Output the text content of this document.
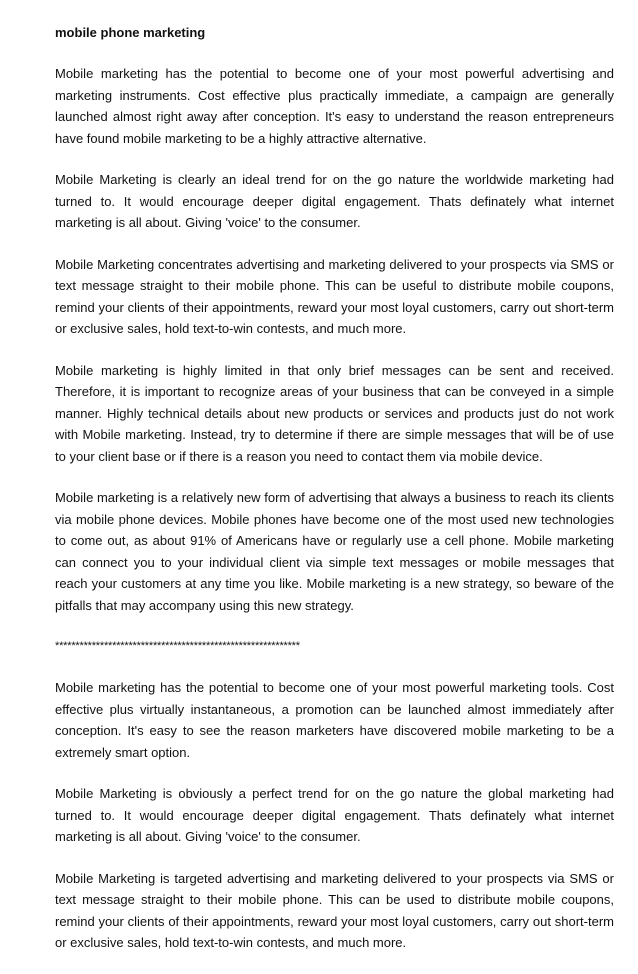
mobile phone marketing

Mobile marketing has the potential to become one of your most powerful advertising and marketing instruments. Cost effective plus practically immediate, a campaign are generally launched almost right away after conception. It's easy to understand the reason entrepreneurs have found mobile marketing to be a highly attractive alternative.

Mobile Marketing is clearly an ideal trend for on the go nature the worldwide marketing had turned to. It would encourage deeper digital engagement. Thats definately what internet marketing is all about. Giving 'voice' to the consumer.

Mobile Marketing concentrates advertising and marketing delivered to your prospects via SMS or text message straight to their mobile phone. This can be useful to distribute mobile coupons, remind your clients of their appointments, reward your most loyal customers, carry out short-term or exclusive sales, hold text-to-win contests, and much more.

Mobile marketing is highly limited in that only brief messages can be sent and received. Therefore, it is important to recognize areas of your business that can be conveyed in a simple manner. Highly technical details about new products or services and products just do not work with Mobile marketing. Instead, try to determine if there are simple messages that will be of use to your client base or if there is a reason you need to contact them via mobile device.

Mobile marketing is a relatively new form of advertising that always a business to reach its clients via mobile phone devices. Mobile phones have become one of the most used new technologies to come out, as about 91% of Americans have or regularly use a cell phone. Mobile marketing can connect you to your individual client via simple text messages or mobile messages that reach your customers at any time you like. Mobile marketing is a new strategy, so beware of the pitfalls that may accompany using this new strategy.

************************************************************

Mobile marketing has the potential to become one of your most powerful marketing tools. Cost effective plus virtually instantaneous, a promotion can be launched almost immediately after conception. It's easy to see the reason marketers have discovered mobile marketing to be a extremely smart option.

Mobile Marketing is obviously a perfect trend for on the go nature the global marketing had turned to. It would encourage deeper digital engagement. Thats definately what internet marketing is all about. Giving 'voice' to the consumer.

Mobile Marketing is targeted advertising and marketing delivered to your prospects via SMS or text message straight to their mobile phone. This can be used to distribute mobile coupons, remind your clients of their appointments, reward your most loyal customers, carry out short-term or exclusive sales, hold text-to-win contests, and much more.
